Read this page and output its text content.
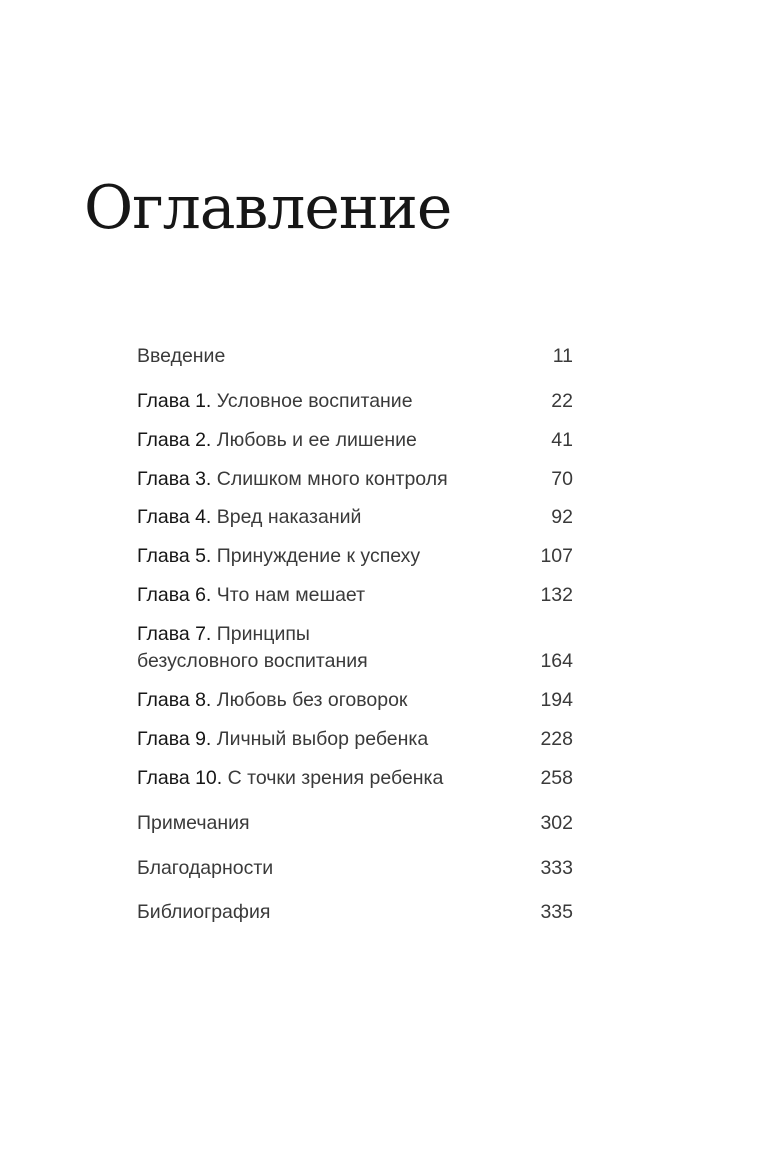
Оглавление
Введение	11
Глава 1. Условное воспитание	22
Глава 2. Любовь и ее лишение	41
Глава 3. Слишком много контроля	70
Глава 4. Вред наказаний	92
Глава 5. Принуждение к успеху	107
Глава 6. Что нам мешает	132
Глава 7. Принципы
безусловного воспитания	164
Глава 8. Любовь без оговорок	194
Глава 9. Личный выбор ребенка	228
Глава 10. С точки зрения ребенка	258
Примечания	302
Благодарности	333
Библиография	335
